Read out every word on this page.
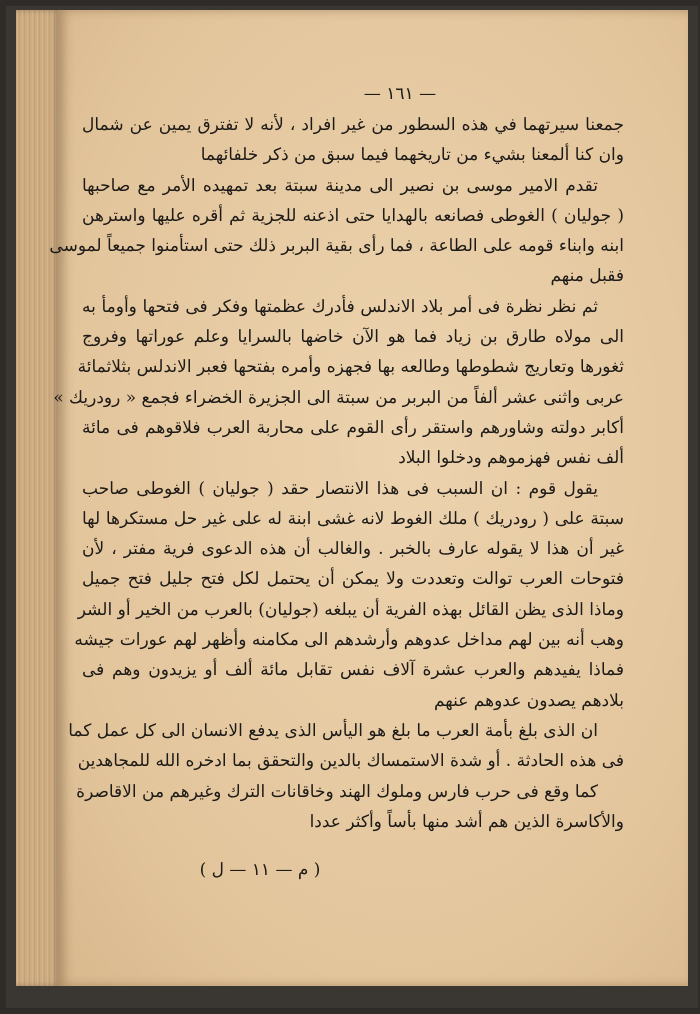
— ١٦١ —
جمعنا سيرتهما في هذه السطور من غير افراد ، لأنه لا تفترق يمين عن شمال
وان كنا ألمعنا بشيء من تاريخهما فيما سبق من ذكر خلفائهما
تقدم الامير موسى بن نصير الى مدينة سبتة بعد تمهيده الأمر مع صاحبها
( جوليان ) الغوطى فصانعه بالهدايا حتى اذعنه للجزية ثم أقره عليها واسترهن
ابنه وابناء قومه على الطاعة ، فما رأى بقية البربر ذلك حتى استأمنوا جميعاً لموسى
فقبل منهم
ثم نظر نظرة فى أمر بلاد الاندلس فأدرك عظمتها وفكر فى فتحها وأومأ به
الى مولاه طارق بن زياد فما هو الآن خاضها بالسرايا وعلم عوراتها وفروج
ثغورها وتعاريج شطوطها وطالعه بها فجهزه وأمره بفتحها فعبر الاندلس بثلاثمائة
عربى واثنى عشر ألفاً من البربر من سبتة الى الجزيرة الخضراء فجمع « رودريك »
أكابر دولته وشاورهم واستقر رأى القوم على محاربة العرب فلاقوهم فى مائة
ألف نفس فهزموهم ودخلوا البلاد
يقول قوم : ان السبب فى هذا الانتصار حقد ( جوليان ) الغوطى صاحب
سبتة على ( رودريك ) ملك الغوط لانه غشى ابنة له على غير حل مستكرها لها
غير أن هذا لا يقوله عارف بالخبر . والغالب أن هذه الدعوى فرية مفتر ، لأن
فتوحات العرب توالت وتعددت ولا يمكن أن يحتمل لكل فتح جليل فتح جميل
وماذا الذى يظن القائل بهذه الفرية أن يبلغه (جوليان) بالعرب من الخير أو الشر
وهب أنه بين لهم مداخل عدوهم وأرشدهم الى مكامنه وأظهر لهم عورات جيشه
فماذا يفيدهم والعرب عشرة آلاف نفس تقابل مائة ألف أو يزيدون وهم فى
بلادهم يصدون عدوهم عنهم
ان الذى بلغ بأمة العرب ما بلغ هو اليأس الذى يدفع الانسان الى كل عمل كما
فى هذه الحادثة . أو شدة الاستمساك بالدين والتحقق بما ادخره الله للمجاهدين
كما وقع فى حرب فارس وملوك الهند وخاقانات الترك وغيرهم من الاقاصرة
والأكاسرة الذين هم أشد منها بأساً وأكثر عددا
( م — ١١ — ل )
